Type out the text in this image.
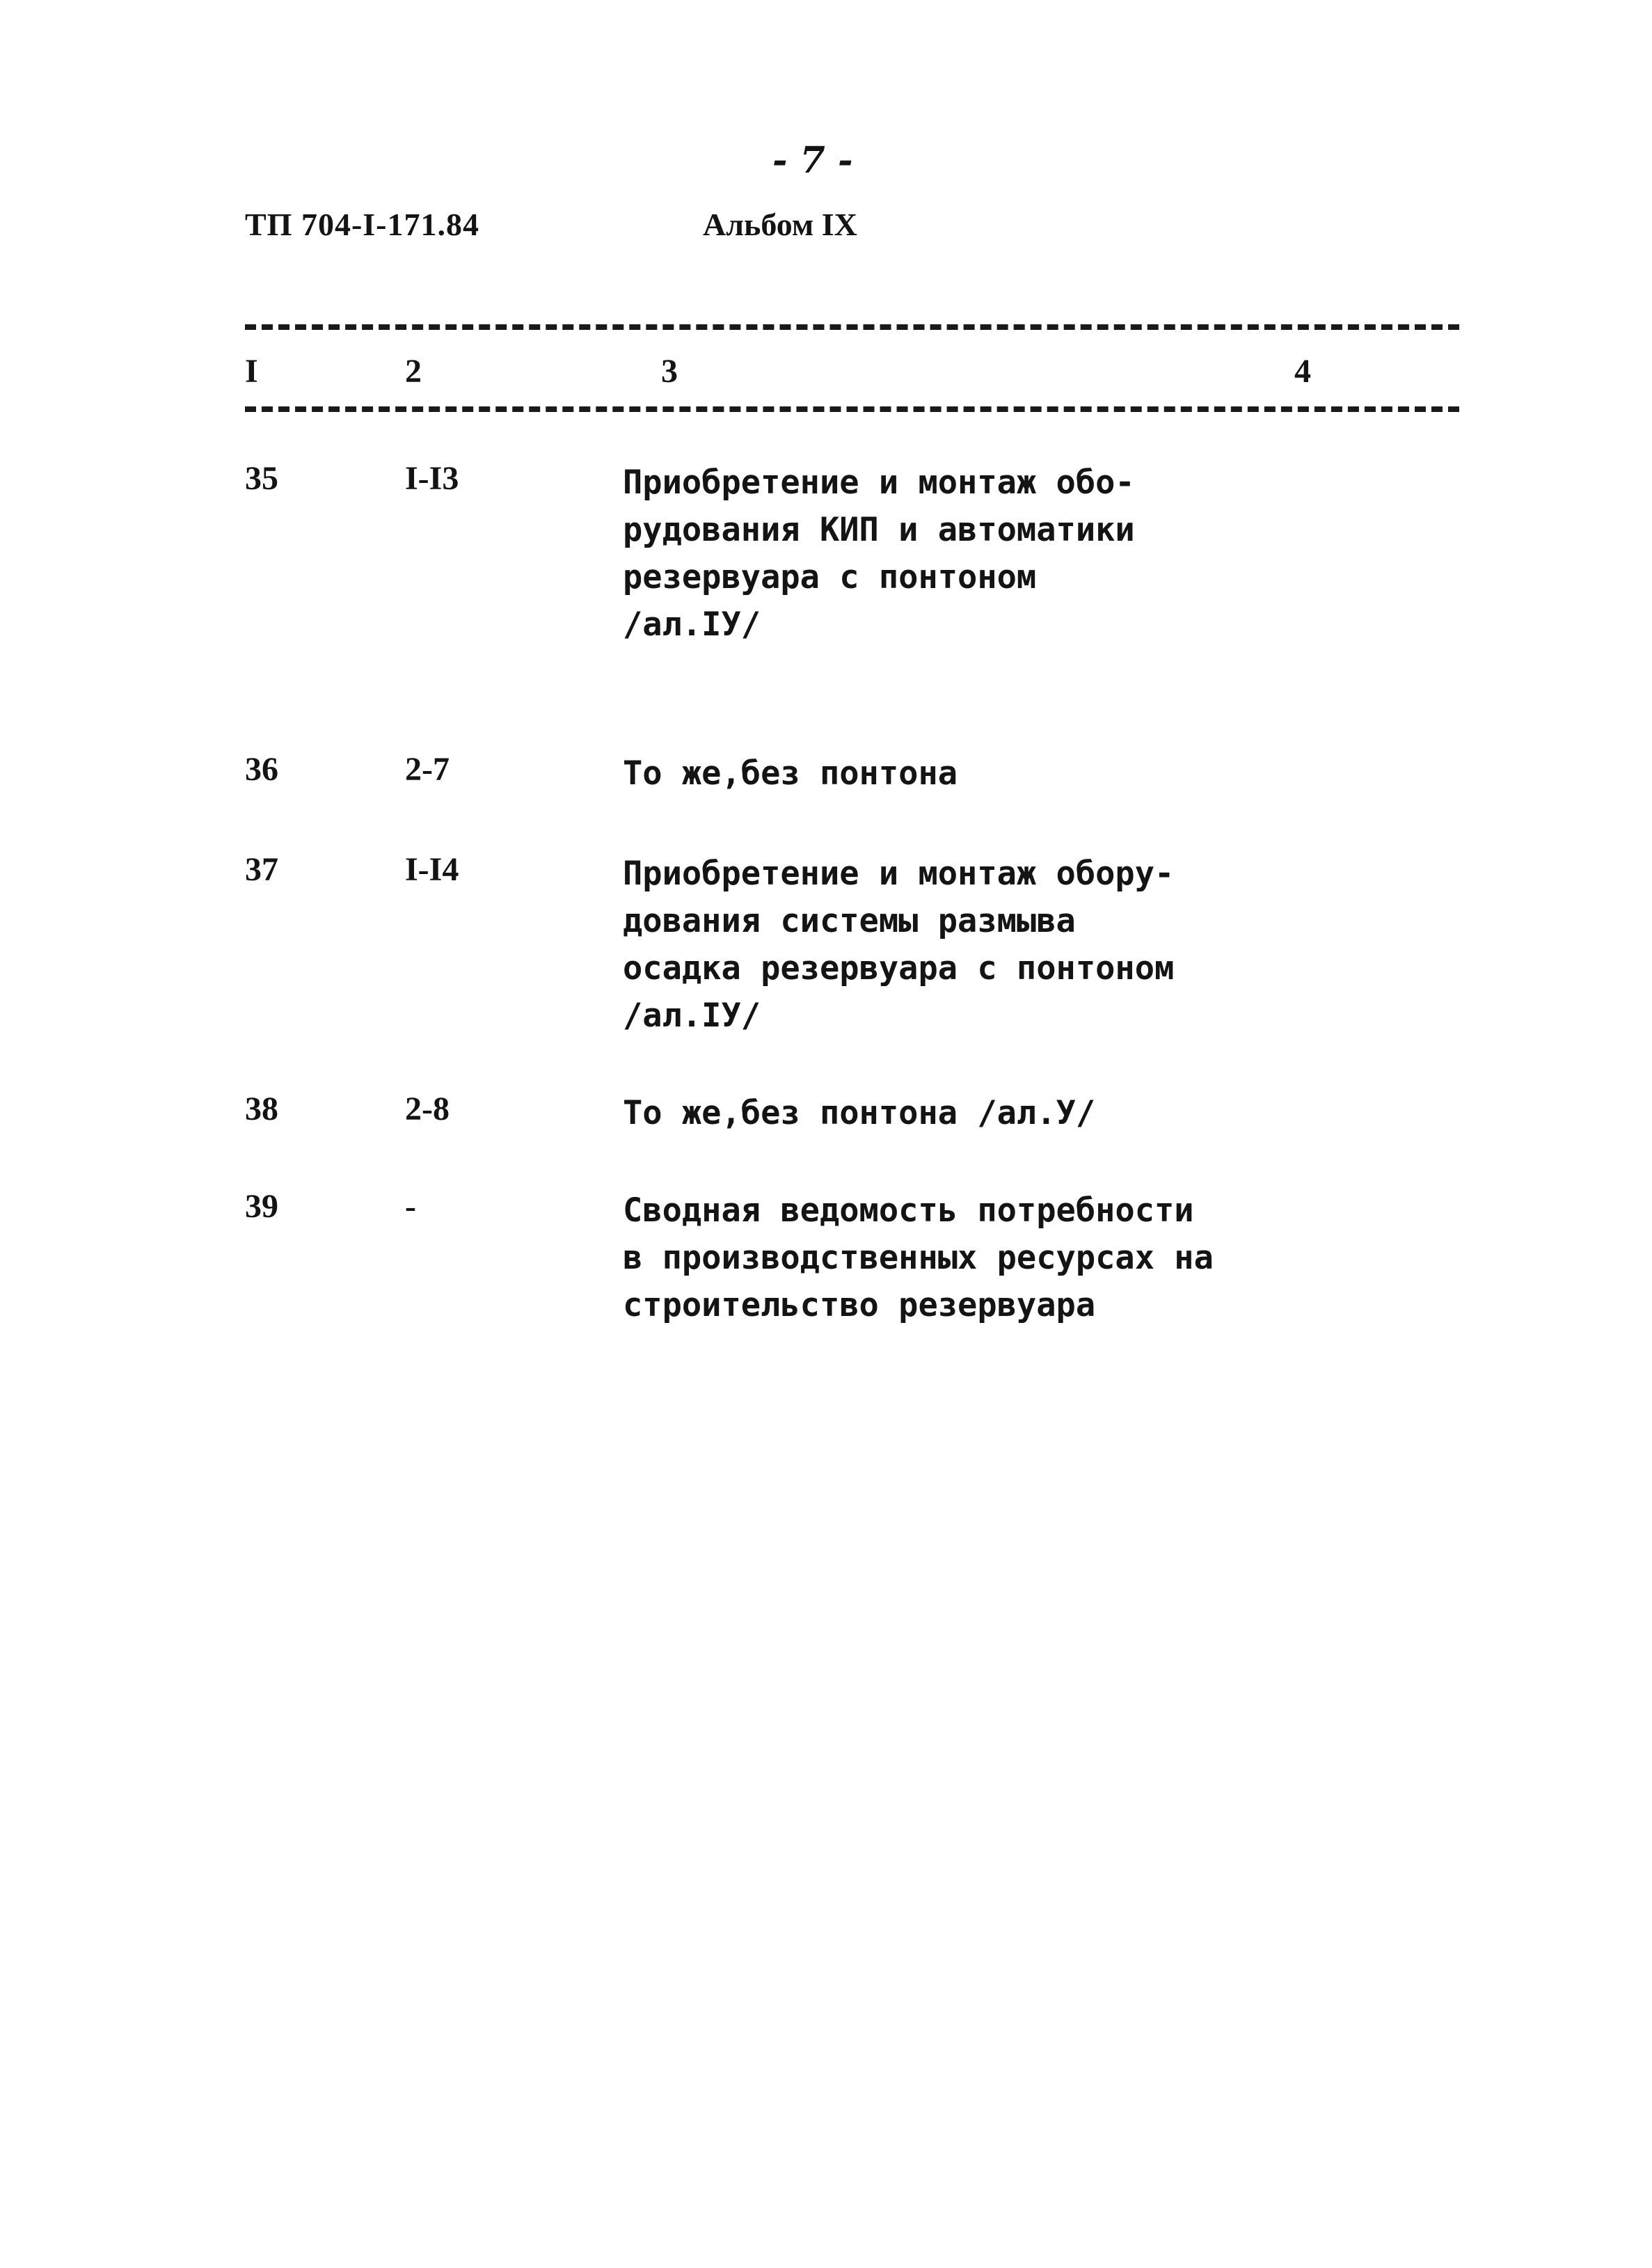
- 7 -
ТП 704-I-171.84	Альбом IX
I	2	3	4
35	I-I3	Приобретение и монтаж обо-
рудования КИП и автоматики
резервуара с понтоном
/ал.IУ/
36	2-7	То же,без понтона
37	I-I4	Приобретение и монтаж обору-
дования системы размыва
осадка резервуара с понтоном
/ал.IУ/
38	2-8	То же,без понтона /ал.У/
39	-	Сводная ведомость потребности
в производственных ресурсах на
строительство резервуара
